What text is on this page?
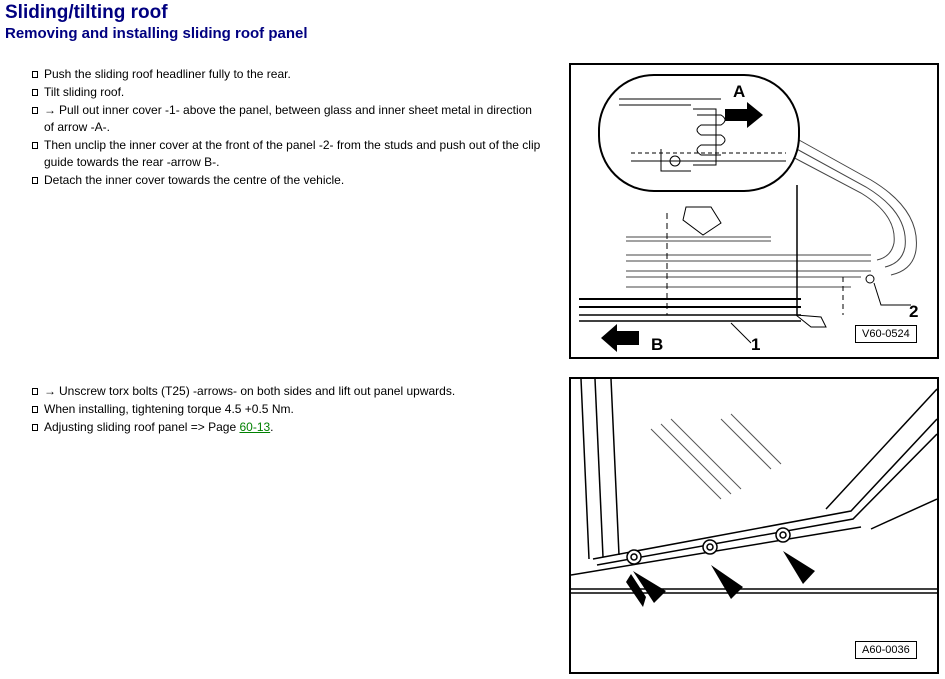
Sliding/tilting roof
Removing and installing sliding roof panel
Push the sliding roof headliner fully to the rear.
Tilt sliding roof.
→ Pull out inner cover -1- above the panel, between glass and inner sheet metal in direction of arrow -A-.
Then unclip the inner cover at the front of the panel -2- from the studs and push out of the clip guide towards the rear -arrow B-.
Detach the inner cover towards the centre of the vehicle.
→ Unscrew torx bolts (T25) -arrows- on both sides and lift out panel upwards.
When installing, tightening torque 4.5 +0.5 Nm.
Adjusting sliding roof panel => Page 60-13.
A
B	1
2
V60-0524
A60-0036
